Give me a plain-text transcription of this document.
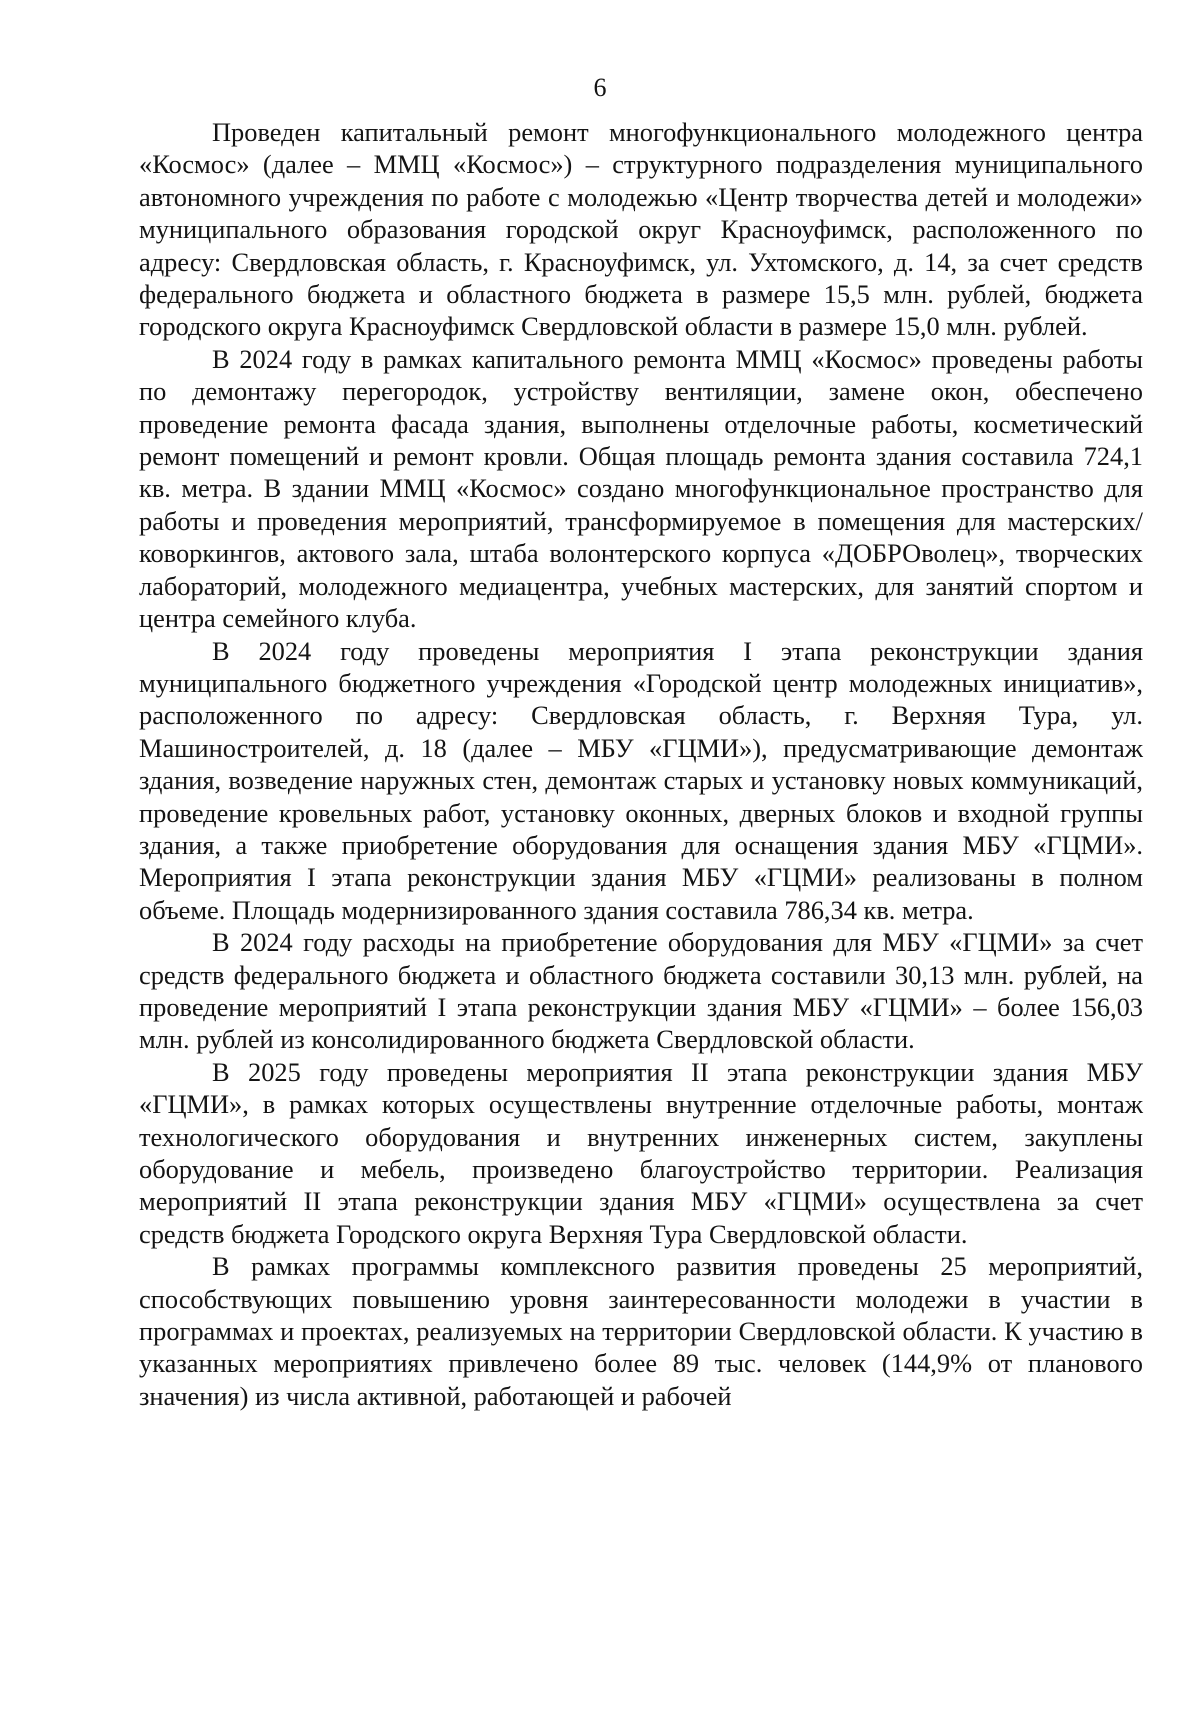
6

Проведен капитальный ремонт многофункционального молодежного центра «Космос» (далее – ММЦ «Космос») – структурного подразделения муниципального автономного учреждения по работе с молодежью «Центр творчества детей и молодежи» муниципального образования городской округ Красноуфимск, расположенного по адресу: Свердловская область, г. Красноуфимск, ул. Ухтомского, д. 14, за счет средств федерального бюджета и областного бюджета в размере 15,5 млн. рублей, бюджета городского округа Красноуфимск Свердловской области в размере 15,0 млн. рублей.

В 2024 году в рамках капитального ремонта ММЦ «Космос» проведены работы по демонтажу перегородок, устройству вентиляции, замене окон, обеспечено проведение ремонта фасада здания, выполнены отделочные работы, косметический ремонт помещений и ремонт кровли. Общая площадь ремонта здания составила 724,1 кв. метра. В здании ММЦ «Космос» создано многофункциональное пространство для работы и проведения мероприятий, трансформируемое в помещения для мастерских/коворкингов, актового зала, штаба волонтерского корпуса «ДОБРОволец», творческих лабораторий, молодежного медиацентра, учебных мастерских, для занятий спортом и центра семейного клуба.

В 2024 году проведены мероприятия I этапа реконструкции здания муниципального бюджетного учреждения «Городской центр молодежных инициатив», расположенного по адресу: Свердловская область, г. Верхняя Тура, ул. Машиностроителей, д. 18 (далее – МБУ «ГЦМИ»), предусматривающие демонтаж здания, возведение наружных стен, демонтаж старых и установку новых коммуникаций, проведение кровельных работ, установку оконных, дверных блоков и входной группы здания, а также приобретение оборудования для оснащения здания МБУ «ГЦМИ». Мероприятия I этапа реконструкции здания МБУ «ГЦМИ» реализованы в полном объеме. Площадь модернизированного здания составила 786,34 кв. метра.

В 2024 году расходы на приобретение оборудования для МБУ «ГЦМИ» за счет средств федерального бюджета и областного бюджета составили 30,13 млн. рублей, на проведение мероприятий I этапа реконструкции здания МБУ «ГЦМИ» – более 156,03 млн. рублей из консолидированного бюджета Свердловской области.

В 2025 году проведены мероприятия II этапа реконструкции здания МБУ «ГЦМИ», в рамках которых осуществлены внутренние отделочные работы, монтаж технологического оборудования и внутренних инженерных систем, закуплены оборудование и мебель, произведено благоустройство территории. Реализация мероприятий II этапа реконструкции здания МБУ «ГЦМИ» осуществлена за счет средств бюджета Городского округа Верхняя Тура Свердловской области.

В рамках программы комплексного развития проведены 25 мероприятий, способствующих повышению уровня заинтересованности молодежи в участии в программах и проектах, реализуемых на территории Свердловской области. К участию в указанных мероприятиях привлечено более 89 тыс. человек (144,9% от планового значения) из числа активной, работающей и рабочей
